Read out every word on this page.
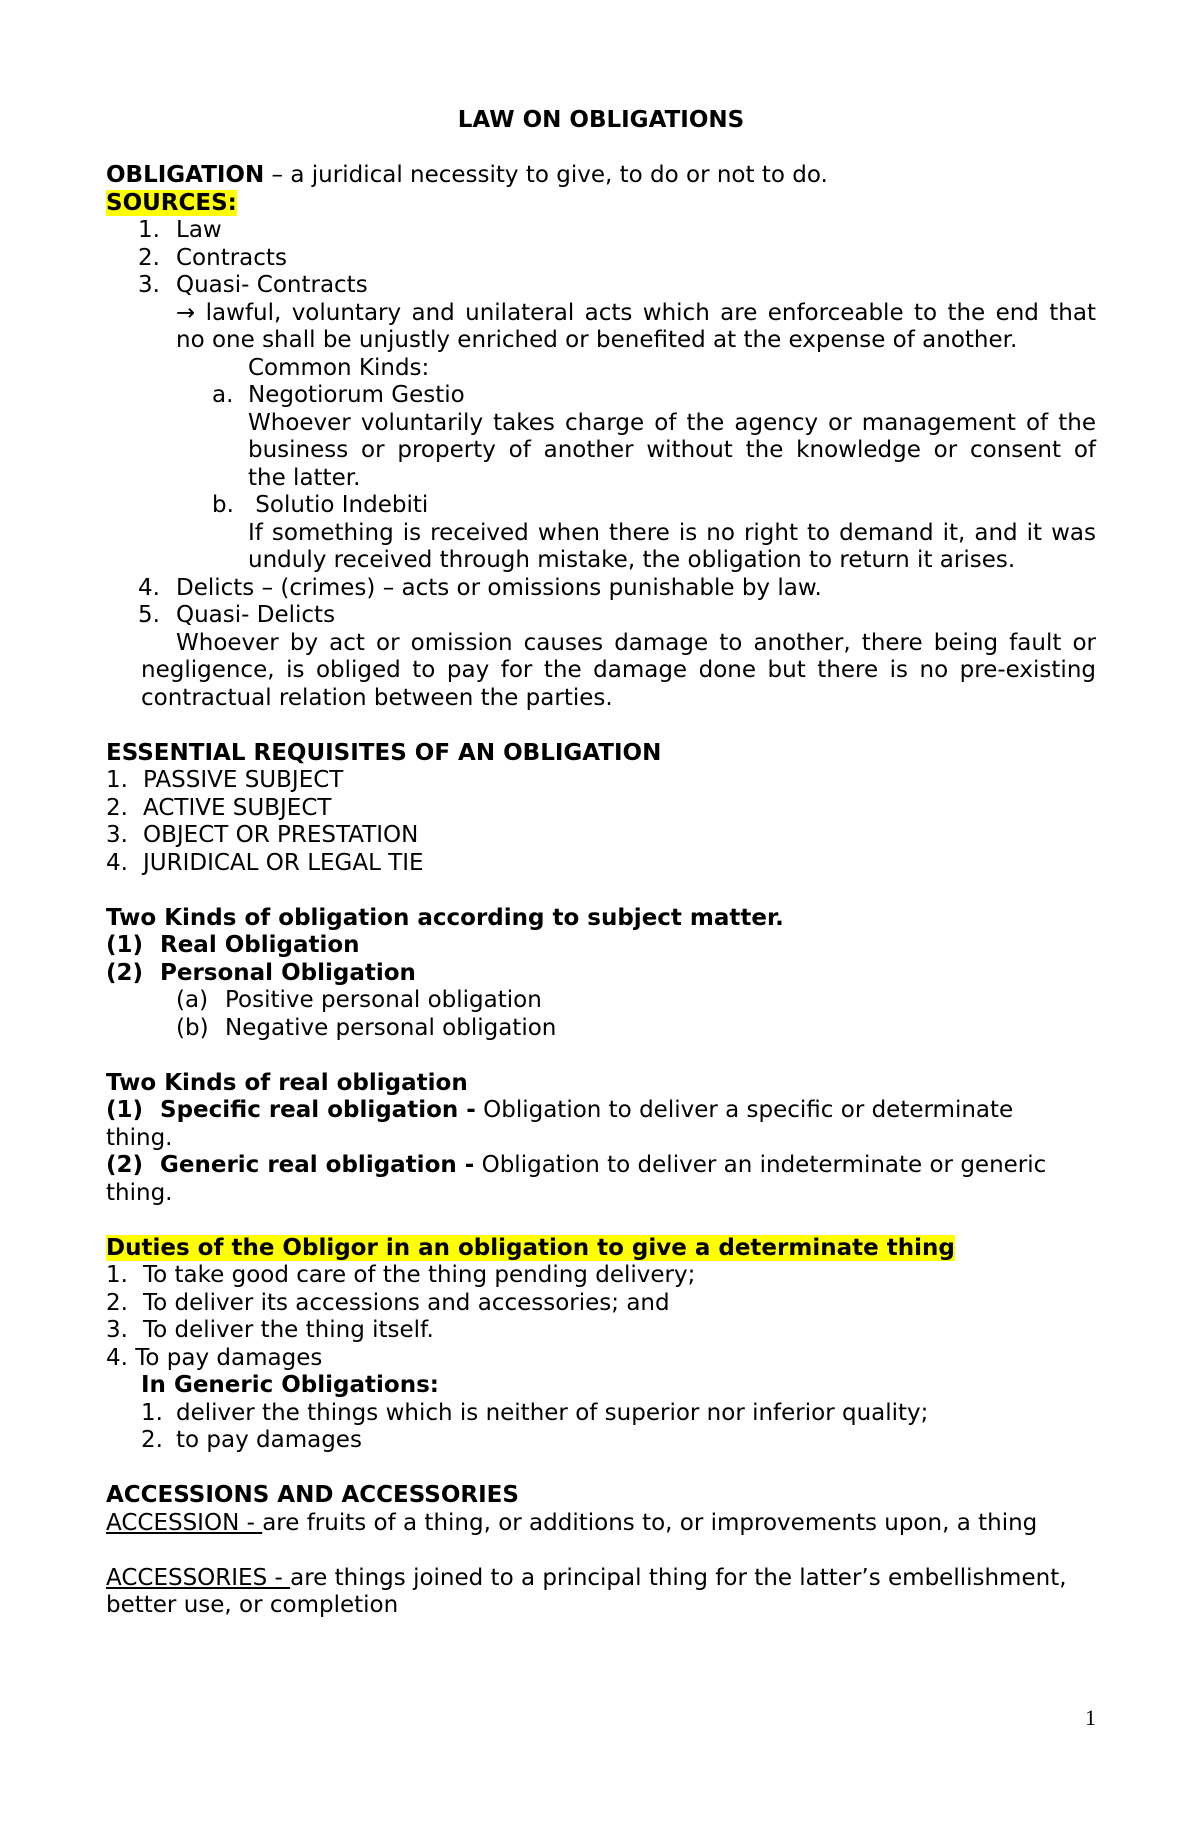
LAW ON OBLIGATIONS
OBLIGATION – a juridical necessity to give, to do or not to do.
SOURCES:
1. Law
2. Contracts
3. Quasi- Contracts
→ lawful, voluntary and unilateral acts which are enforceable to the end that
no one shall be unjustly enriched or benefited at the expense of another.
Common Kinds:
a. Negotiorum Gestio
Whoever voluntarily takes charge of the agency or management of the
business or property of another without the knowledge or consent of
the latter.
b. Solutio Indebiti
If something is received when there is no right to demand it, and it was
unduly received through mistake, the obligation to return it arises.
4. Delicts – (crimes) – acts or omissions punishable by law.
5. Quasi- Delicts
Whoever by act or omission causes damage to another, there being fault or
negligence, is obliged to pay for the damage done but there is no pre-existing
contractual relation between the parties.
ESSENTIAL REQUISITES OF AN OBLIGATION
1. PASSIVE SUBJECT
2. ACTIVE SUBJECT
3. OBJECT OR PRESTATION
4. JURIDICAL OR LEGAL TIE
Two Kinds of obligation according to subject matter.
(1) Real Obligation
(2) Personal Obligation
(a) Positive personal obligation
(b) Negative personal obligation
Two Kinds of real obligation
(1) Specific real obligation - Obligation to deliver a specific or determinate
thing.
(2) Generic real obligation - Obligation to deliver an indeterminate or generic
thing.
Duties of the Obligor in an obligation to give a determinate thing
1. To take good care of the thing pending delivery;
2. To deliver its accessions and accessories; and
3. To deliver the thing itself.
4. To pay damages
In Generic Obligations:
1. deliver the things which is neither of superior nor inferior quality;
2. to pay damages
ACCESSIONS AND ACCESSORIES
ACCESSION - are fruits of a thing, or additions to, or improvements upon, a thing
ACCESSORIES - are things joined to a principal thing for the latter’s embellishment,
better use, or completion
1
